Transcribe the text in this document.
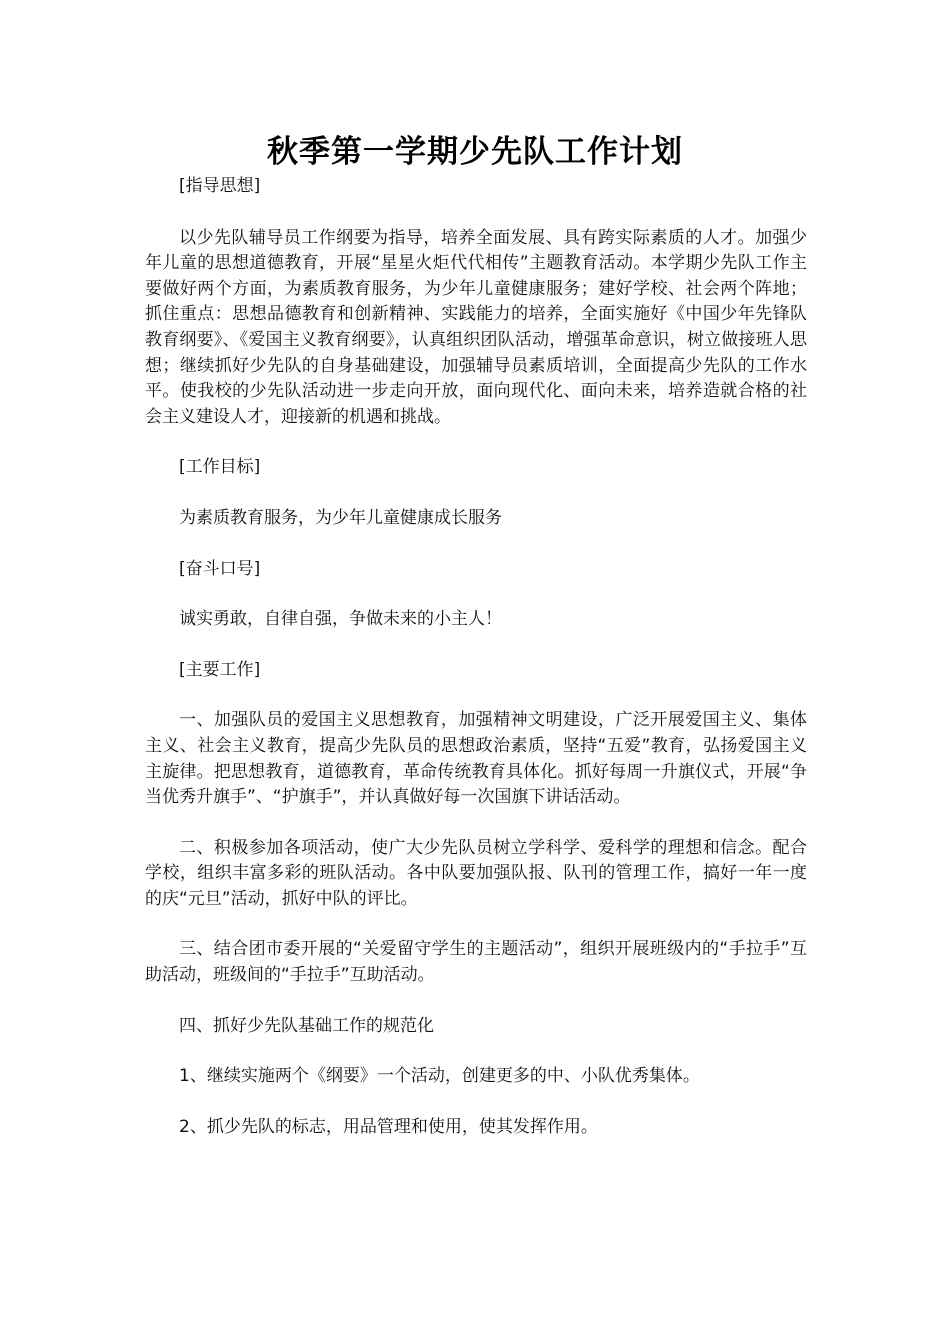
秋季第一学期少先队工作计划

[指导思想]

以少先队辅导员工作纲要为指导，培养全面发展、具有跨实际素质的人才。加强少年儿童的思想道德教育，开展“星星火炬代代相传”主题教育活动。本学期少先队工作主要做好两个方面，为素质教育服务，为少年儿童健康服务；建好学校、社会两个阵地；抓住重点：思想品德教育和创新精神、实践能力的培养，全面实施好《中国少年先锋队教育纲要》、《爱国主义教育纲要》，认真组织团队活动，增强革命意识，树立做接班人思想；继续抓好少先队的自身基础建设，加强辅导员素质培训，全面提高少先队的工作水平。使我校的少先队活动进一步走向开放，面向现代化、面向未来，培养造就合格的社会主义建设人才，迎接新的机遇和挑战。

[工作目标]

为素质教育服务，为少年儿童健康成长服务

[奋斗口号]

诚实勇敢，自律自强，争做未来的小主人！

[主要工作]

一、加强队员的爱国主义思想教育，加强精神文明建设，广泛开展爱国主义、集体主义、社会主义教育，提高少先队员的思想政治素质，坚持“五爱”教育，弘扬爱国主义主旋律。把思想教育，道德教育，革命传统教育具体化。抓好每周一升旗仪式，开展“争当优秀升旗手”、“护旗手”，并认真做好每一次国旗下讲话活动。

二、积极参加各项活动，使广大少先队员树立学科学、爱科学的理想和信念。配合学校，组织丰富多彩的班队活动。各中队要加强队报、队刊的管理工作，搞好一年一度的庆“元旦”活动，抓好中队的评比。

三、结合团市委开展的“关爱留守学生的主题活动”，组织开展班级内的“手拉手”互助活动，班级间的“手拉手”互助活动。

四、抓好少先队基础工作的规范化

1、继续实施两个《纲要》一个活动，创建更多的中、小队优秀集体。

2、抓少先队的标志，用品管理和使用，使其发挥作用。
